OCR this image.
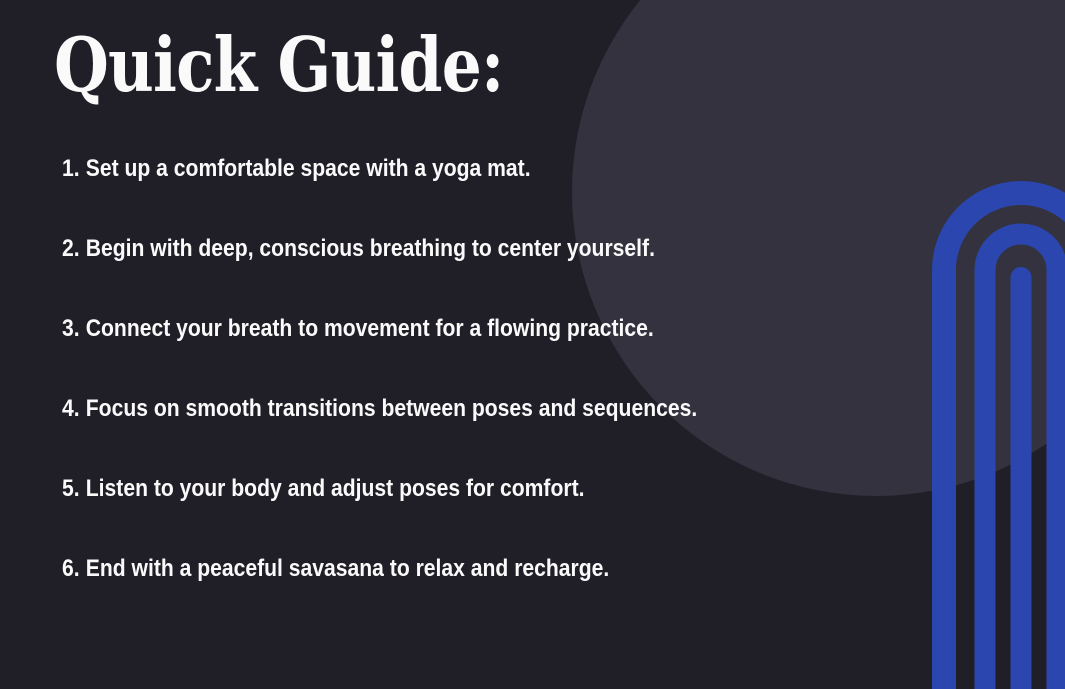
Quick Guide:
1. Set up a comfortable space with a yoga mat.
2. Begin with deep, conscious breathing to center yourself.
3. Connect your breath to movement for a flowing practice.
4. Focus on smooth transitions between poses and sequences.
5. Listen to your body and adjust poses for comfort.
6. End with a peaceful savasana to relax and recharge.
